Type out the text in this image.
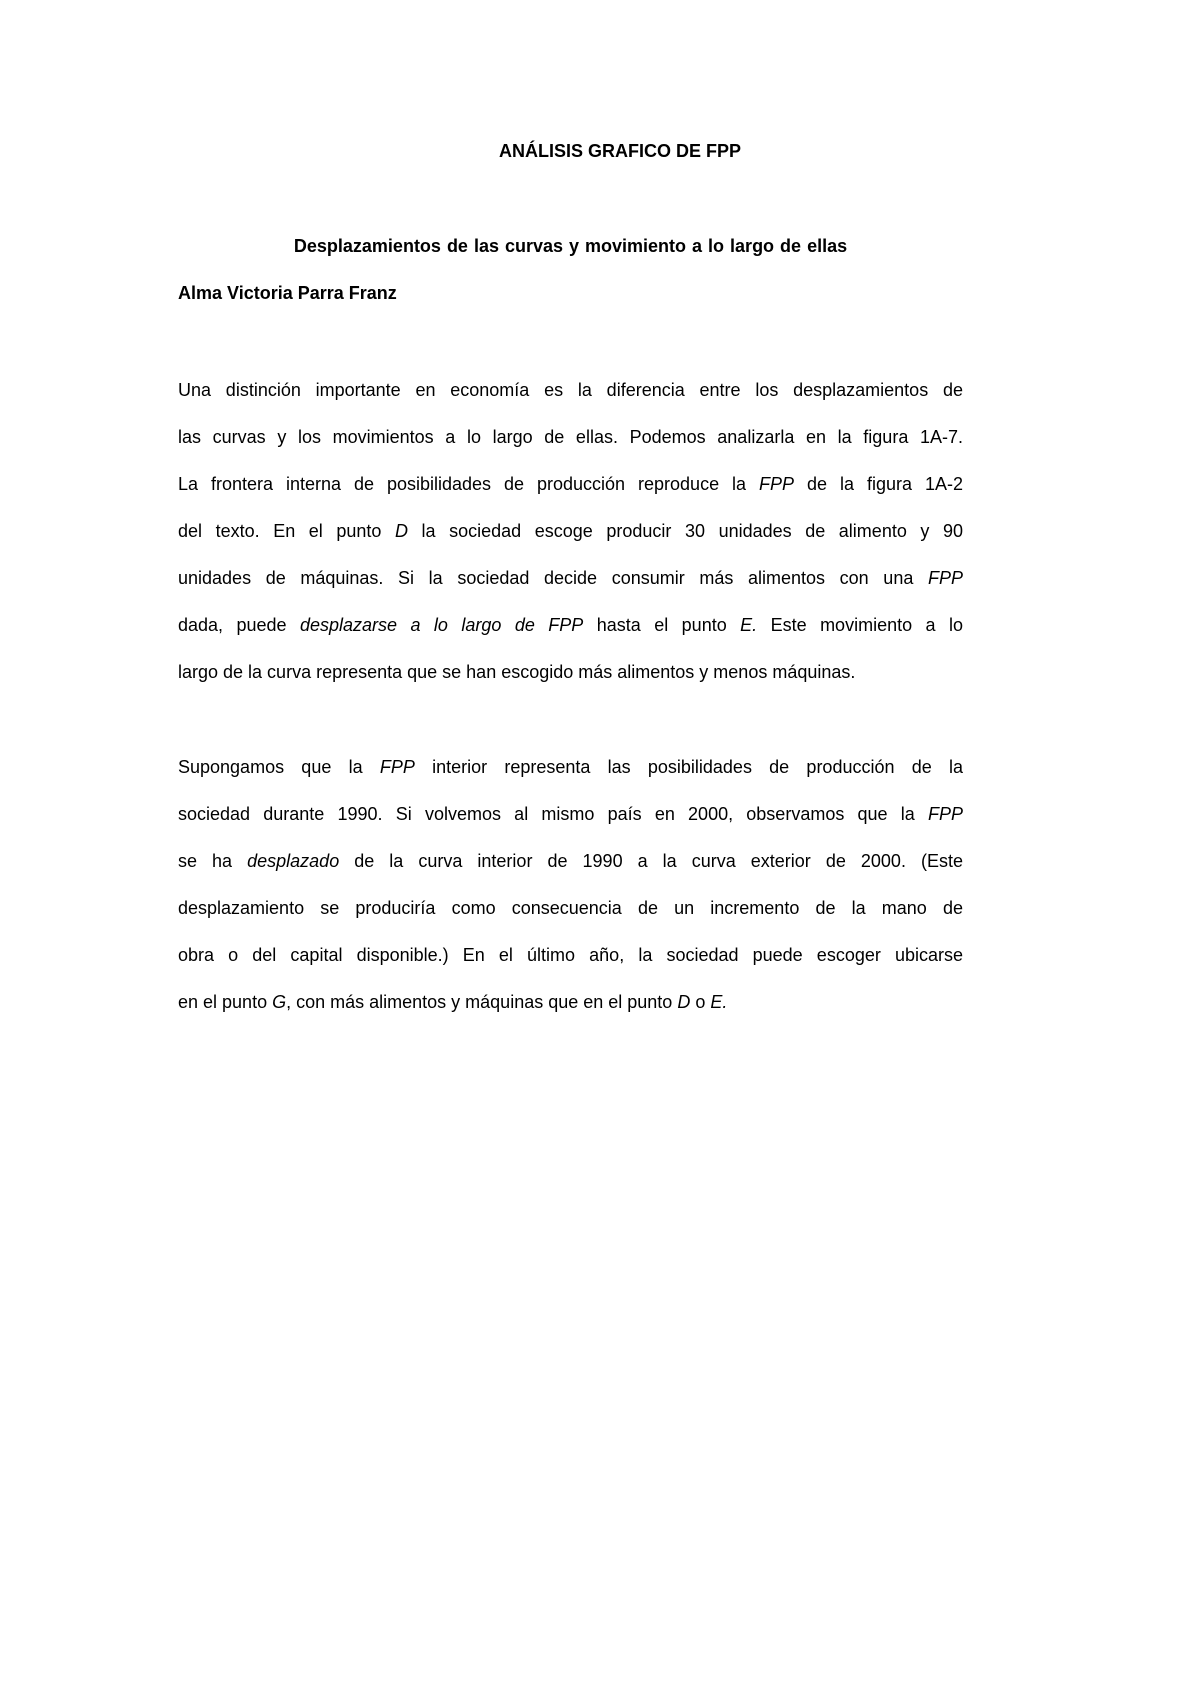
ANÁLISIS GRAFICO DE FPP
Desplazamientos de las curvas y movimiento a lo largo de ellas
Alma Victoria Parra Franz
Una distinción importante en economía es la diferencia entre los desplazamientos de
las curvas y los movimientos a lo largo de ellas. Podemos analizarla en la figura 1A-7.
La frontera interna de posibilidades de producción reproduce la FPP de la figura 1A-2
del texto. En el punto D la sociedad escoge producir 30 unidades de alimento y 90
unidades de máquinas. Si la sociedad decide consumir más alimentos con una FPP
dada, puede desplazarse a lo largo de FPP hasta el punto E. Este movimiento a lo
largo de la curva representa que se han escogido más alimentos y menos máquinas.
Supongamos que la FPP interior representa las posibilidades de producción de la
sociedad durante 1990. Si volvemos al mismo país en 2000, observamos que la FPP
se ha desplazado de la curva interior de 1990 a la curva exterior de 2000. (Este
desplazamiento se produciría como consecuencia de un incremento de la mano de
obra o del capital disponible.) En el último año, la sociedad puede escoger ubicarse
en el punto G, con más alimentos y máquinas que en el punto D o E.
